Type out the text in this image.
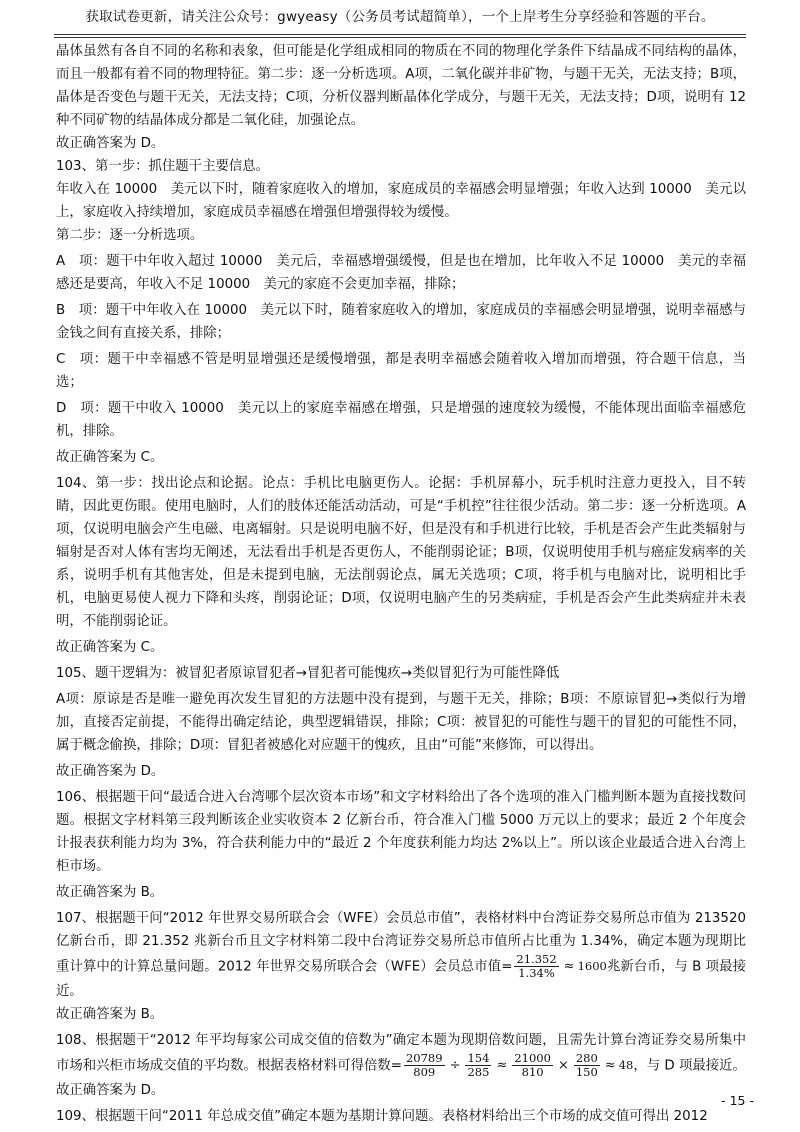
获取试卷更新，请关注公众号：gwyeasy（公务员考试超简单），一个上岸考生分享经验和答题的平台。

晶体虽然有各自不同的名称和表象，但可能是化学组成相同的物质在不同的物理化学条件下结晶成不同结构的晶体，而且一般都有着不同的物理特征。第二步：逐一分析选项。A项，二氧化碳并非矿物，与题干无关，无法支持；B项，晶体是否变色与题干无关，无法支持；C项，分析仪器判断晶体化学成分，与题干无关，无法支持；D项，说明有 12 种不同矿物的结晶体成分都是二氧化硅，加强论点。

故正确答案为 D。

103、第一步：抓住题干主要信息。

年收入在 10000　美元以下时，随着家庭收入的增加，家庭成员的幸福感会明显增强；年收入达到 10000　美元以上，家庭收入持续增加，家庭成员幸福感在增强但增强得较为缓慢。

第二步：逐一分析选项。

A　项：题干中年收入超过 10000　美元后，幸福感增强缓慢，但是也在增加，比年收入不足 10000　美元的幸福感还是要高，年收入不足 10000　美元的家庭不会更加幸福，排除；

B　项：题干中年收入在 10000　美元以下时，随着家庭收入的增加，家庭成员的幸福感会明显增强，说明幸福感与金钱之间有直接关系，排除；

C　项：题干中幸福感不管是明显增强还是缓慢增强，都是表明幸福感会随着收入增加而增强，符合题干信息，当选；

D　项：题干中收入 10000　美元以上的家庭幸福感在增强，只是增强的速度较为缓慢，不能体现出面临幸福感危机，排除。

故正确答案为 C。

104、第一步：找出论点和论据。论点：手机比电脑更伤人。论据：手机屏幕小，玩手机时注意力更投入，目不转睛，因此更伤眼。使用电脑时，人们的肢体还能活动活动，可是“手机控”往往很少活动。第二步：逐一分析选项。A项，仅说明电脑会产生电磁、电离辐射。只是说明电脑不好，但是没有和手机进行比较，手机是否会产生此类辐射与辐射是否对人体有害均无阐述，无法看出手机是否更伤人，不能削弱论证；B项，仅说明使用手机与癌症发病率的关系，说明手机有其他害处，但是未提到电脑，无法削弱论点，属无关选项；C项，将手机与电脑对比，说明相比手机，电脑更易使人视力下降和头疼，削弱论证；D项，仅说明电脑产生的另类病症，手机是否会产生此类病症并未表明，不能削弱论证。

故正确答案为 C。

105、题干逻辑为：被冒犯者原谅冒犯者→冒犯者可能愧疚→类似冒犯行为可能性降低

A项：原谅是否是唯一避免再次发生冒犯的方法题中没有提到，与题干无关，排除；B项：不原谅冒犯→类似行为增加，直接否定前提，不能得出确定结论，典型逻辑错误，排除；C项：被冒犯的可能性与题干的冒犯的可能性不同，属于概念偷换，排除；D项：冒犯者被感化对应题干的愧疚，且由“可能”来修饰，可以得出。

故正确答案为 D。

106、根据题干问“最适合进入台湾哪个层次资本市场”和文字材料给出了各个选项的准入门槛判断本题为直接找数问题。根据文字材料第三段判断该企业实收资本 2 亿新台币，符合准入门槛 5000 万元以上的要求；最近 2 个年度会计报表获利能力均为 3%，符合获利能力中的“最近 2 个年度获利能力均达 2%以上”。所以该企业最适合进入台湾上柜市场。

故正确答案为 B。

107、根据题干问“2012 年世界交易所联合会（WFE）会员总市值”，表格材料中台湾证券交易所总市值为 213520 亿新台币，即 21.352 兆新台币且文字材料第二段中台湾证券交易所总市值所占比重为 1.34%，确定本题为现期比重计算中的计算总量问题。2012 年世界交易所联合会（WFE）会员总市值= $\frac{21.352}{1.34\%} \approx 1600$兆新台币，与 B 项最接近。

故正确答案为 B。

108、根据题干“2012 年平均每家公司成交值的倍数为”确定本题为现期倍数问题，且需先计算台湾证券交易所集中市场和兴柜市场成交值的平均数。根据表格材料可得倍数= $\frac{20789}{809} \div \frac{154}{285} \approx \frac{21000}{810} \times \frac{280}{150} \approx 48$，与 D 项最接近。

故正确答案为 D。

109、根据题干问“2011 年总成交值”确定本题为基期计算问题。表格材料给出三个市场的成交值可得出 2012

- 15 -
